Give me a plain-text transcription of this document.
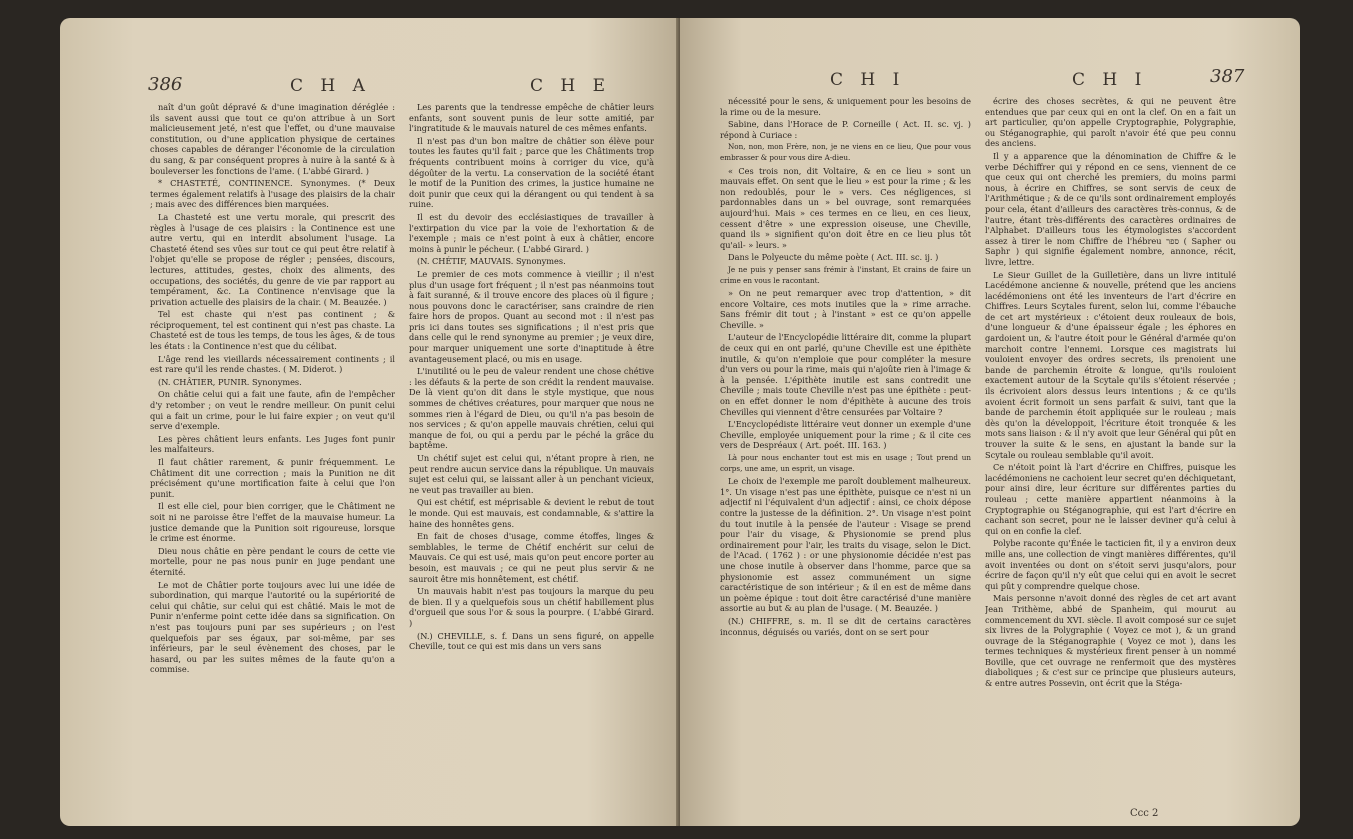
386	C H A	C H E

naît d'un goût dépravé & d'une imagination déréglée : ils savent aussi que tout ce qu'on attribue à un Sort malicieusement jeté, n'est que l'effet, ou d'une mauvaise constitution, ou d'une application physique de certaines choses capables de déranger l'économie de la circulation du sang, & par conséquent propres à nuire à la santé & à bouleverser les fonctions de l'ame. ( L'abbé Girard. )

* CHASTETÉ, CONTINENCE. Synonymes. (* Deux termes également relatifs à l'usage des plaisirs de la chair ; mais avec des différences bien marquées.

La Chasteté est une vertu morale, qui prescrit des règles à l'usage de ces plaisirs : la Continence est une autre vertu, qui en interdit absolument l'usage. La Chasteté étend ses vûes sur tout ce qui peut être relatif à l'objet qu'elle se propose de régler ; pensées, discours, lectures, attitudes, gestes, choix des aliments, des occupations, des sociétés, du genre de vie par rapport au tempérament, &c. La Continence n'envisage que la privation actuelle des plaisirs de la chair. ( M. Beauzée. )

Tel est chaste qui n'est pas continent ; & réciproquement, tel est continent qui n'est pas chaste. La Chasteté est de tous les temps, de tous les âges, & de tous les états : la Continence n'est que du célibat.

L'âge rend les vieillards nécessairement continents ; il est rare qu'il les rende chastes. ( M. Diderot. )

(N. CHÂTIER, PUNIR. Synonymes.

On châtie celui qui a fait une faute, afin de l'empêcher d'y retomber ; on veut le rendre meilleur. On punit celui qui a fait un crime, pour le lui faire expier ; on veut qu'il serve d'exemple.

Les pères châtient leurs enfants. Les Juges font punir les malfaiteurs.

Il faut châtier rarement, & punir fréquemment. Le Châtiment dit une correction ; mais la Punition ne dit précisément qu'une mortification faite à celui que l'on punit.

Il est elle ciel, pour bien corriger, que le Châtiment ne soit ni ne paroisse être l'effet de la mauvaise humeur. La justice demande que la Punition soit rigoureuse, lorsque le crime est énorme.

Dieu nous châtie en père pendant le cours de cette vie mortelle, pour ne pas nous punir en juge pendant une éternité.

Le mot de Châtier porte toujours avec lui une idée de subordination, qui marque l'autorité ou la supériorité de celui qui châtie, sur celui qui est châtié. Mais le mot de Punir n'enferme point cette idée dans sa signification. On n'est pas toujours puni par ses supérieurs ; on l'est quelquefois par ses égaux, par soi-même, par ses inférieurs, par le seul évènement des choses, par le hasard, ou par les suites mêmes de la faute qu'on a commise.

Les parents que la tendresse empêche de châtier leurs enfants, sont souvent punis de leur sotte amitié, par l'ingratitude & le mauvais naturel de ces mêmes enfants.

Il n'est pas d'un bon maître de châtier son élève pour toutes les fautes qu'il fait ; parce que les Châtiments trop fréquents contribuent moins à corriger du vice, qu'à dégoûter de la vertu. La conservation de la société étant le motif de la Punition des crimes, la justice humaine ne doit punir que ceux qui la dérangent ou qui tendent à sa ruine.

Il est du devoir des ecclésiastiques de travailler à l'extirpation du vice par la voie de l'exhortation & de l'exemple ; mais ce n'est point à eux à châtier, encore moins à punir le pécheur. ( L'abbé Girard. )

(N. CHÉTIF, MAUVAIS. Synonymes.

Le premier de ces mots commence à vieillir ; il n'est plus d'un usage fort fréquent ; il n'est pas néanmoins tout à fait suranné, & il trouve encore des places où il figure ; nous pouvons donc le caractériser, sans craindre de rien faire hors de propos. Quant au second mot : il n'est pas pris ici dans toutes ses significations ; il n'est pris que dans celle qui le rend synonyme au premier ; je veux dire, pour marquer uniquement une sorte d'inaptitude à être avantageusement placé, ou mis en usage.

L'inutilité ou le peu de valeur rendent une chose chétive : les défauts & la perte de son crédit la rendent mauvaise. De là vient qu'on dit dans le style mystique, que nous sommes de chétives créatures, pour marquer que nous ne sommes rien à l'égard de Dieu, ou qu'il n'a pas besoin de nos services ; & qu'on appelle mauvais chrétien, celui qui manque de foi, ou qui a perdu par le péché la grâce du baptême.

Un chétif sujet est celui qui, n'étant propre à rien, ne peut rendre aucun service dans la république. Un mauvais sujet est celui qui, se laissant aller à un penchant vicieux, ne veut pas travailler au bien.

Qui est chétif, est méprisable & devient le rebut de tout le monde. Qui est mauvais, est condamnable, & s'attire la haine des honnêtes gens.

En fait de choses d'usage, comme étoffes, linges & semblables, le terme de Chétif enchérit sur celui de Mauvais. Ce qui est usé, mais qu'on peut encore porter au besoin, est mauvais ; ce qui ne peut plus servir & ne sauroit être mis honnêtement, est chétif.

Un mauvais habit n'est pas toujours la marque du peu de bien. Il y a quelquefois sous un chétif habillement plus d'orgueil que sous l'or & sous la pourpre. ( L'abbé Girard. )

(N.) CHEVILLE, s. f. Dans un sens figuré, on appelle Cheville, tout ce qui est mis dans un vers sans

C H I	C H I	387

nécessité pour le sens, & uniquement pour les besoins de la rime ou de la mesure.

Sabine, dans l'Horace de P. Corneille ( Act. II. sc. vj. ) répond à Curiace :

Non, non, mon Frère, non, je ne viens en ce lieu, Que pour vous embrasser & pour vous dire A-dieu.

« Ces trois non, dit Voltaire, & en ce lieu » sont un mauvais effet. On sent que le lieu » est pour la rime ; & les non redoublés, pour le » vers. Ces négligences, si pardonnables dans un » bel ouvrage, sont remarquées aujourd'hui. Mais » ces termes en ce lieu, en ces lieux, cessent d'être » une expression oiseuse, une Cheville, quand ils » signifient qu'on doit être en ce lieu plus tôt qu'ail- » leurs. »

Dans le Polyeucte du même poète ( Act. III. sc. ij. )

Je ne puis y penser sans frémir à l'instant, Et crains de faire un crime en vous le racontant.

» On ne peut remarquer avec trop d'attention, » dit encore Voltaire, ces mots inutiles que la » rime arrache. Sans frémir dit tout ; à l'instant » est ce qu'on appelle Cheville. »

L'auteur de l'Encyclopédie littéraire dit, comme la plupart de ceux qui en ont parlé, qu'une Cheville est une épithète inutile, & qu'on n'emploie que pour compléter la mesure d'un vers ou pour la rime, mais qui n'ajoûte rien à l'image & à la pensée. L'épithète inutile est sans contredit une Cheville ; mais toute Cheville n'est pas une épithète : peut-on en effet donner le nom d'épithète à aucune des trois Chevilles qui viennent d'être censurées par Voltaire ?

L'Encyclopédiste littéraire veut donner un exemple d'une Cheville, employée uniquement pour la rime ; & il cite ces vers de Despréaux ( Art. poét. III. 163. )

Là pour nous enchanter tout est mis en usage ; Tout prend un corps, une ame, un esprit, un visage.

Le choix de l'exemple me paroît doublement malheureux. 1°. Un visage n'est pas une épithète, puisque ce n'est ni un adjectif ni l'équivalent d'un adjectif : ainsi, ce choix dépose contre la justesse de la définition. 2°. Un visage n'est point du tout inutile à la pensée de l'auteur : Visage se prend pour l'air du visage, & Physionomie se prend plus ordinairement pour l'air, les traits du visage, selon le Dict. de l'Acad. ( 1762 ) : or une physionomie décidée n'est pas une chose inutile à observer dans l'homme, parce que sa physionomie est assez communément un signe caractéristique de son intérieur ; & il en est de même dans un poème épique : tout doit être caractérisé d'une manière assortie au but & au plan de l'usage. ( M. Beauzée. )

(N.) CHIFFRE, s. m. Il se dit de certains caractères inconnus, déguisés ou variés, dont on se sert pour

écrire des choses secrètes, & qui ne peuvent être entendues que par ceux qui en ont la clef. On en a fait un art particulier, qu'on appelle Cryptographie, Polygraphie, ou Stéganographie, qui paroît n'avoir été que peu connu des anciens.

Il y a apparence que la dénomination de Chiffre & le verbe Déchiffrer qui y répond en ce sens, viennent de ce que ceux qui ont cherché les premiers, du moins parmi nous, à écrire en Chiffres, se sont servis de ceux de l'Arithmétique ; & de ce qu'ils sont ordinairement employés pour cela, étant d'ailleurs des caractères très-connus, & de l'autre, étant très-différents des caractères ordinaires de l'Alphabet. D'ailleurs tous les étymologistes s'accordent assez à tirer le nom Chiffre de l'hébreu ספר ( Sapher ou Saphr ) qui signifie également nombre, annonce, récit, livre, lettre.

Le Sieur Guillet de la Guilletière, dans un livre intitulé Lacédémone ancienne & nouvelle, prétend que les anciens lacédémoniens ont été les inventeurs de l'art d'écrire en Chiffres. Leurs Scytales furent, selon lui, comme l'ébauche de cet art mystérieux : c'étoient deux rouleaux de bois, d'une longueur & d'une épaisseur égale ; les éphores en gardoient un, & l'autre étoit pour le Général d'armée qu'on marchoit contre l'ennemi. Lorsque ces magistrats lui vouloient envoyer des ordres secrets, ils prenoient une bande de parchemin étroite & longue, qu'ils rouloient exactement autour de la Scytale qu'ils s'étoient réservée ; ils écrivoient alors dessus leurs intentions ; & ce qu'ils avoient écrit formoit un sens parfait & suivi, tant que la bande de parchemin étoit appliquée sur le rouleau ; mais dès qu'on la développoit, l'écriture étoit tronquée & les mots sans liaison : & il n'y avoit que leur Général qui pût en trouver la suite & le sens, en ajustant la bande sur la Scytale ou rouleau semblable qu'il avoit.

Ce n'étoit point là l'art d'écrire en Chiffres, puisque les lacédémoniens ne cachoient leur secret qu'en déchiquetant, pour ainsi dire, leur écriture sur différentes parties du rouleau ; cette manière appartient néanmoins à la Cryptographie ou Stéganographie, qui est l'art d'écrire en cachant son secret, pour ne le laisser deviner qu'à celui à qui on en confie la clef.

Polybe raconte qu'Énée le tacticien fit, il y a environ deux mille ans, une collection de vingt manières différentes, qu'il avoit inventées ou dont on s'étoit servi jusqu'alors, pour écrire de façon qu'il n'y eût que celui qui en avoit le secret qui pût y comprendre quelque chose.

Mais personne n'avoit donné des règles de cet art avant Jean Trithème, abbé de Spanheim, qui mourut au commencement du XVI. siècle. Il avoit composé sur ce sujet six livres de la Polygraphie ( Voyez ce mot ), & un grand ouvrage de la Stéganographie ( Voyez ce mot ), dans les termes techniques & mystérieux firent penser à un nommé Boville, que cet ouvrage ne renfermoit que des mystères diaboliques ; & c'est sur ce principe que plusieurs auteurs, & entre autres Possevin, ont écrit que la Stéga-

Ccc 2
